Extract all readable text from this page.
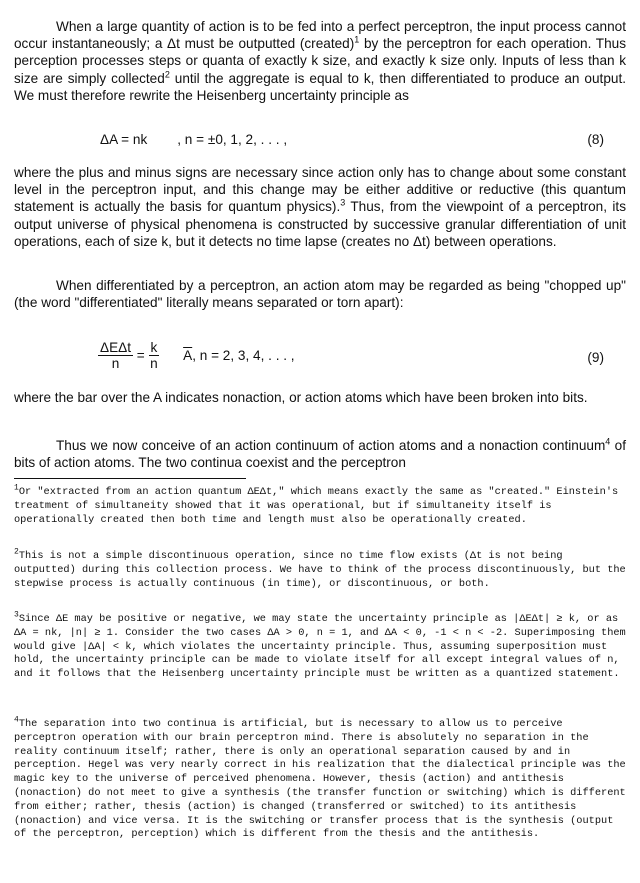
When a large quantity of action is to be fed into a perfect perceptron, the input process cannot occur instantaneously; a Δt must be outputted (created)$^1$ by the perceptron for each operation. Thus perception processes steps or quanta of exactly k size, and exactly k size only. Inputs of less than k size are simply collected$^2$ until the aggregate is equal to k, then differentiated to produce an output. We must therefore rewrite the Heisenberg uncertainty principle as

ΔA = nk , n = ±0, 1, 2, . . . ,	(8)

where the plus and minus signs are necessary since action only has to change about some constant level in the perceptron input, and this change may be either additive or reductive (this quantum statement is actually the basis for quantum physics).$^3$ Thus, from the viewpoint of a perceptron, its output universe of physical phenomena is constructed by successive granular differentiation of unit operations, each of size k, but it detects no time lapse (creates no Δt) between operations.

When differentiated by a perceptron, an action atom may be regarded as being "chopped up" (the word "differentiated" literally means separated or torn apart):

$\frac{\text{ΔEΔt}}{n} = \frac{k}{n} \overline{A}$, n = 2, 3, 4, . . . ,	(9)

where the bar over the A indicates nonaction, or action atoms which have been broken into bits.

Thus we now conceive of an action continuum of action atoms and a nonaction continuum$^4$ of bits of action atoms. The two continua coexist and the perceptron

$^1$Or "extracted from an action quantum ΔEΔt," which means exactly the same as "created." Einstein's treatment of simultaneity showed that it was operational, but if simultaneity itself is operationally created then both time and length must also be operationally created.

$^2$This is not a simple discontinuous operation, since no time flow exists (Δt is not being outputted) during this collection process. We have to think of the process discontinuously, but the stepwise process is actually continuous (in time), or discontinuous, or both.

$^3$Since ΔE may be positive or negative, we may state the uncertainty principle as |ΔEΔt| ≥ k, or as ΔA = nk, |n| ≥ 1. Consider the two cases ΔA > 0, n = 1, and ΔA < 0, -1 < n < -2. Superimposing them would give |ΔA| < k, which violates the uncertainty principle. Thus, assuming superposition must hold, the uncertainty principle can be made to violate itself for all except integral values of n, and it follows that the Heisenberg uncertainty principle must be written as a quantized statement.

$^4$The separation into two continua is artificial, but is necessary to allow us to perceive perceptron operation with our brain perceptron mind. There is absolutely no separation in the reality continuum itself; rather, there is only an operational separation caused by and in perception. Hegel was very nearly correct in his realization that the dialectical principle was the magic key to the universe of perceived phenomena. However, thesis (action) and antithesis (nonaction) do not meet to give a synthesis (the transfer function or switching) which is different from either; rather, thesis (action) is changed (transferred or switched) to its antithesis (nonaction) and vice versa. It is the switching or transfer process that is the synthesis (output of the perceptron, perception) which is different from the thesis and the antithesis.
